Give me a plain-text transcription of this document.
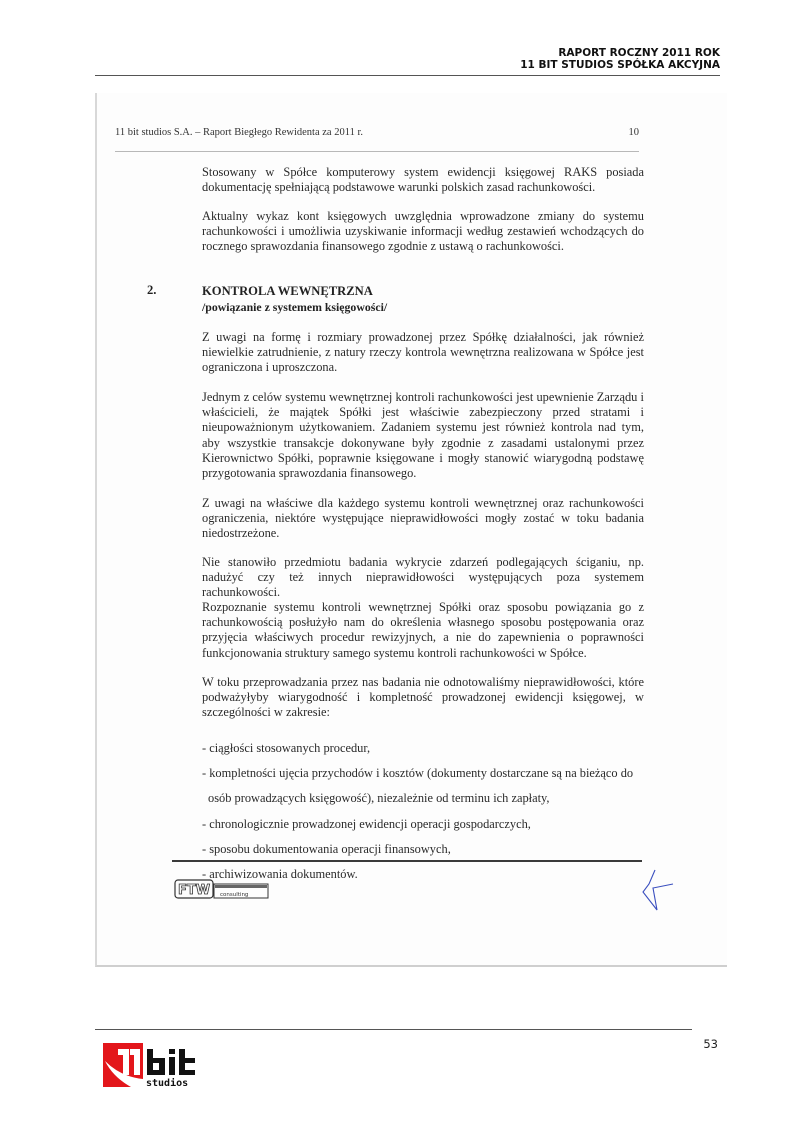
RAPORT ROCZNY 2011 ROK
11 BIT STUDIOS SPÓŁKA AKCYJNA
11 bit studios S.A. – Raport Biegłego Rewidenta za 2011 r.	10

Stosowany w Spółce komputerowy system ewidencji księgowej RAKS posiada dokumentację spełniającą podstawowe warunki polskich zasad rachunkowości.

Aktualny wykaz kont księgowych uwzględnia wprowadzone zmiany do systemu rachunkowości i umożliwia uzyskiwanie informacji według zestawień wchodzących do rocznego sprawozdania finansowego zgodnie z ustawą o rachunkowości.

2.	KONTROLA WEWNĘTRZNA
/powiązanie z systemem księgowości/

Z uwagi na formę i rozmiary prowadzonej przez Spółkę działalności, jak również niewielkie zatrudnienie, z natury rzeczy kontrola wewnętrzna realizowana w Spółce jest ograniczona i uproszczona.

Jednym z celów systemu wewnętrznej kontroli rachunkowości jest upewnienie Zarządu i właścicieli, że majątek Spółki jest właściwie zabezpieczony przed stratami i nieupoważnionym użytkowaniem. Zadaniem systemu jest również kontrola nad tym, aby wszystkie transakcje dokonywane były zgodnie z zasadami ustalonymi przez Kierownictwo Spółki, poprawnie księgowane i mogły stanowić wiarygodną podstawę przygotowania sprawozdania finansowego.

Z uwagi na właściwe dla każdego systemu kontroli wewnętrznej oraz rachunkowości ograniczenia, niektóre występujące nieprawidłowości mogły zostać w toku badania niedostrzeżone.

Nie stanowiło przedmiotu badania wykrycie zdarzeń podlegających ściganiu, np. nadużyć czy też innych nieprawidłowości występujących poza systemem rachunkowości.

Rozpoznanie systemu kontroli wewnętrznej Spółki oraz sposobu powiązania go z rachunkowością posłużyło nam do określenia własnego sposobu postępowania oraz przyjęcia właściwych procedur rewizyjnych, a nie do zapewnienia o poprawności funkcjonowania struktury samego systemu kontroli rachunkowości w Spółce.

W toku przeprowadzania przez nas badania nie odnotowaliśmy nieprawidłowości, które podważyłyby wiarygodność i kompletność prowadzonej ewidencji księgowej, w szczególności w zakresie:

- ciągłości stosowanych procedur,
- kompletności ujęcia przychodów i kosztów (dokumenty dostarczane są na bieżąco do
osób prowadzących księgowość), niezależnie od terminu ich zapłaty,
- chronologicznie prowadzonej ewidencji operacji gospodarczych,
- sposobu dokumentowania operacji finansowych,
- archiwizowania dokumentów.
FTW consulting
53
studios
